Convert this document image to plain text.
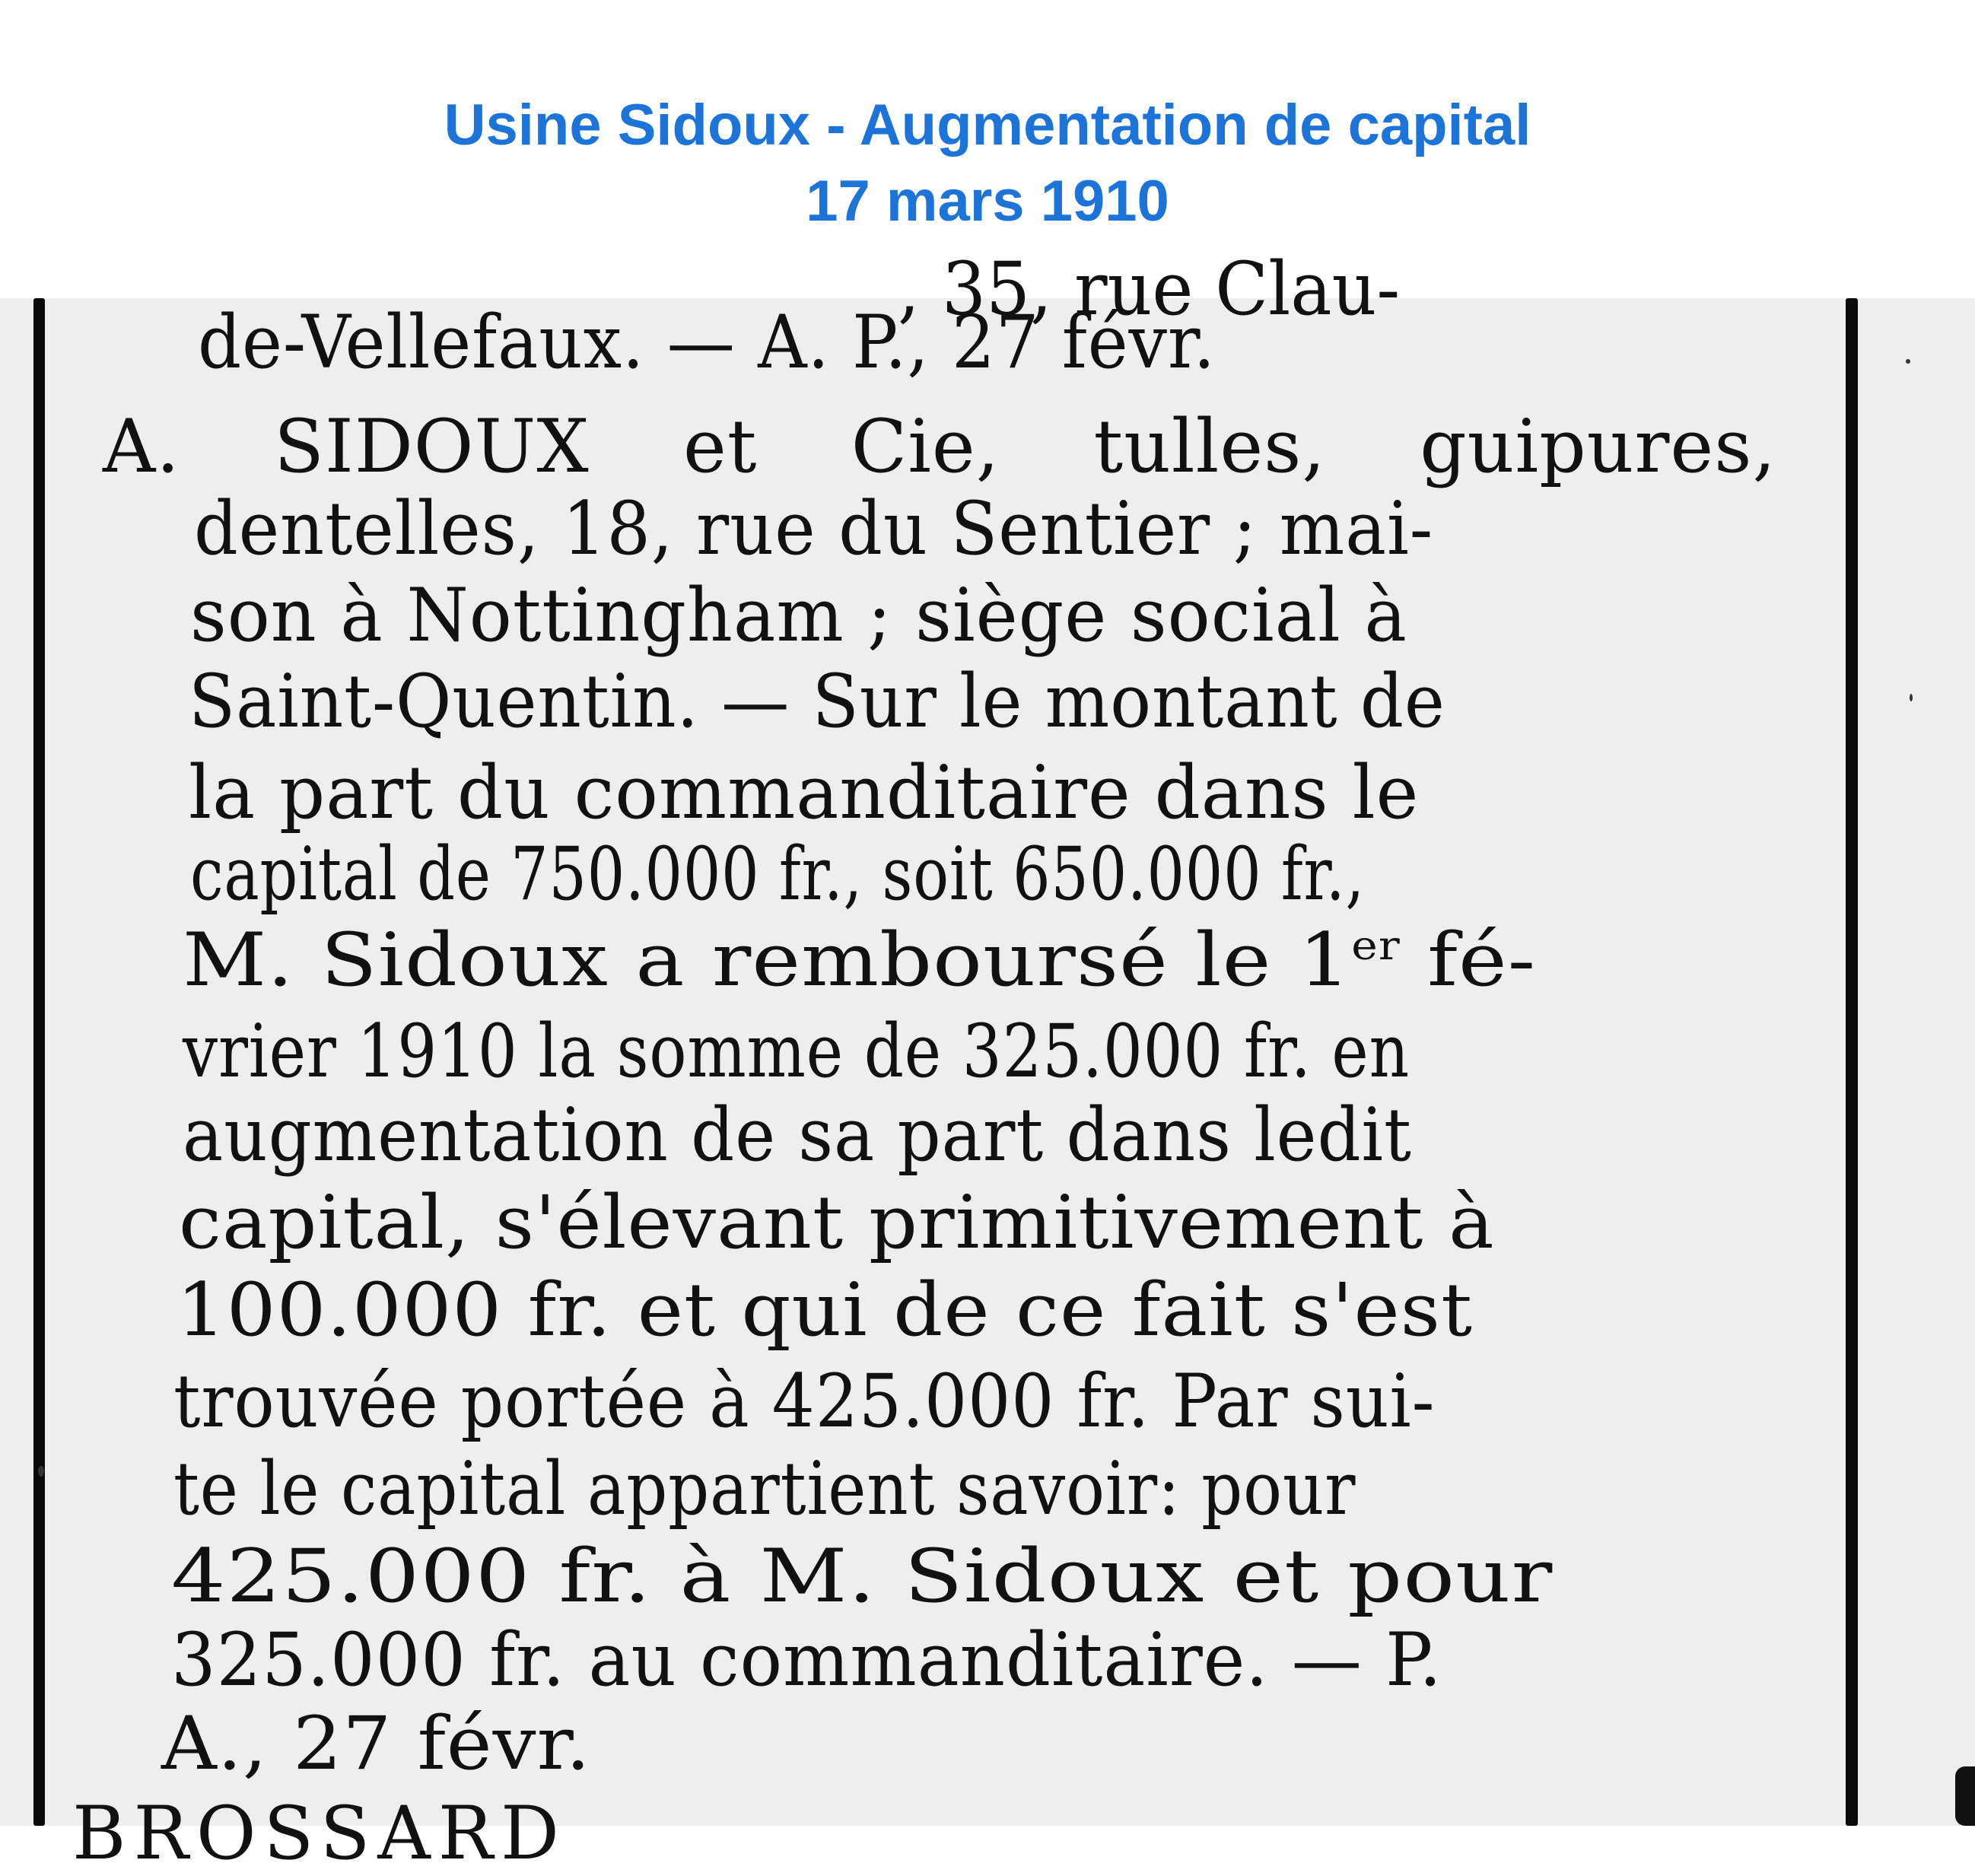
Usine Sidoux - Augmentation de capital
17 mars 1910
, 35, rue Clau-
de-Vellefaux. — A. P., 27 févr.
A. SIDOUX et Cie, tulles, guipures,
dentelles, 18, rue du Sentier ; mai-
son à Nottingham ; siège social à
Saint-Quentin. — Sur le montant de
la part du commanditaire dans le
capital de 750.000 fr., soit 650.000 fr.,
M. Sidoux a remboursé le 1er fé-
vrier 1910 la somme de 325.000 fr. en
augmentation de sa part dans ledit
capital, s'élevant primitivement à
100.000 fr. et qui de ce fait s'est
trouvée portée à 425.000 fr. Par sui-
te le capital appartient savoir: pour
425.000 fr. à M. Sidoux et pour
325.000 fr. au commanditaire. — P.
A., 27 févr.
BROSSARD
